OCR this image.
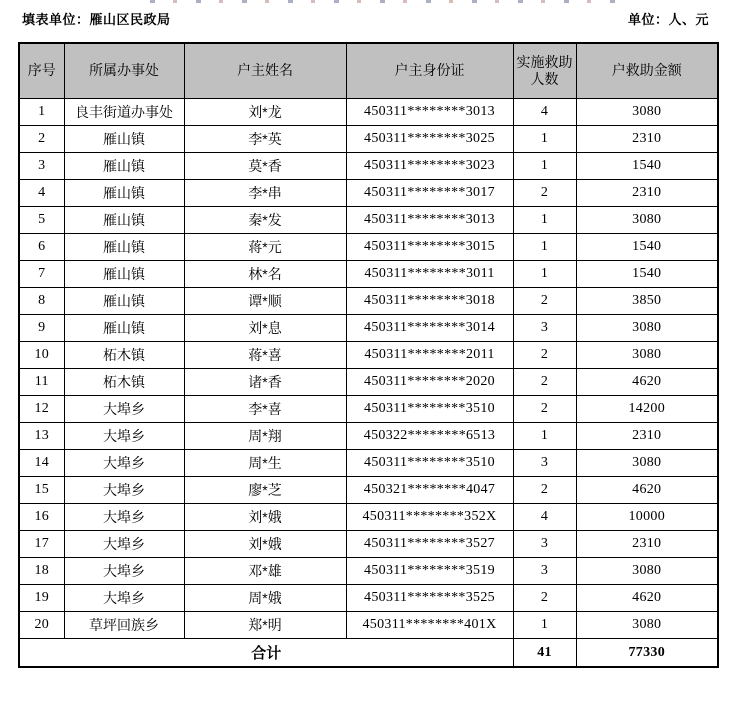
填表单位：雁山区民政局	单位：人、元
序号	所属办事处	户主姓名	户主身份证	实施救助人数	户救助金额
1	良丰街道办事处	刘*龙	450311********3013	4	3080
2	雁山镇	李*英	450311********3025	1	2310
3	雁山镇	莫*香	450311********3023	1	1540
4	雁山镇	李*串	450311********3017	2	2310
5	雁山镇	秦*发	450311********3013	1	3080
6	雁山镇	蒋*元	450311********3015	1	1540
7	雁山镇	林*名	450311********3011	1	1540
8	雁山镇	谭*顺	450311********3018	2	3850
9	雁山镇	刘*息	450311********3014	3	3080
10	柘木镇	蒋*喜	450311********2011	2	3080
11	柘木镇	诸*香	450311********2020	2	4620
12	大埠乡	李*喜	450311********3510	2	14200
13	大埠乡	周*翔	450322********6513	1	2310
14	大埠乡	周*生	450311********3510	3	3080
15	大埠乡	廖*芝	450321********4047	2	4620
16	大埠乡	刘*娥	450311********352X	4	10000
17	大埠乡	刘*娥	450311********3527	3	2310
18	大埠乡	邓*雄	450311********3519	3	3080
19	大埠乡	周*娥	450311********3525	2	4620
20	草坪回族乡	郑*明	450311********401X	1	3080
合计				41	77330
